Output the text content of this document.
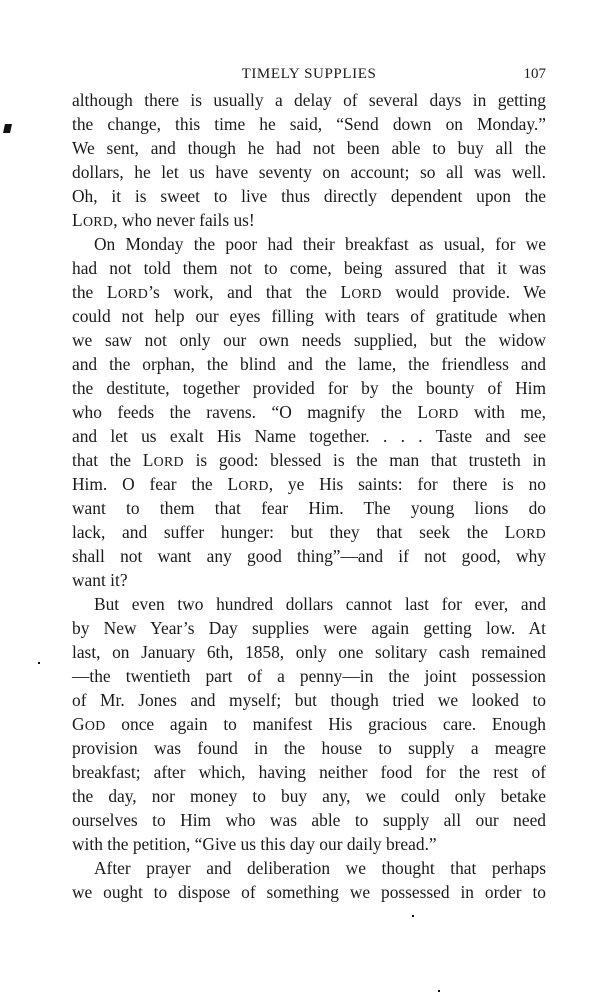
TIMELY SUPPLIES	107
although there is usually a delay of several days in getting
the change, this time he said, “Send down on Monday.”
We sent, and though he had not been able to buy all the
dollars, he let us have seventy on account; so all was well.
Oh, it is sweet to live thus directly dependent upon the
LORD, who never fails us!
On Monday the poor had their breakfast as usual, for we
had not told them not to come, being assured that it was
the LORD’s work, and that the LORD would provide. We
could not help our eyes filling with tears of gratitude when
we saw not only our own needs supplied, but the widow
and the orphan, the blind and the lame, the friendless and
the destitute, together provided for by the bounty of Him
who feeds the ravens. “O magnify the LORD with me,
and let us exalt His Name together. . . . Taste and see
that the LORD is good: blessed is the man that trusteth in
Him. O fear the LORD, ye His saints: for there is no
want to them that fear Him. The young lions do
lack, and suffer hunger: but they that seek the LORD
shall not want any good thing”—and if not good, why
want it?
But even two hundred dollars cannot last for ever, and
by New Year’s Day supplies were again getting low. At
last, on January 6th, 1858, only one solitary cash remained
—the twentieth part of a penny—in the joint possession
of Mr. Jones and myself; but though tried we looked to
GOD once again to manifest His gracious care. Enough
provision was found in the house to supply a meagre
breakfast; after which, having neither food for the rest of
the day, nor money to buy any, we could only betake
ourselves to Him who was able to supply all our need
with the petition, “Give us this day our daily bread.”
After prayer and deliberation we thought that perhaps
we ought to dispose of something we possessed in order to
